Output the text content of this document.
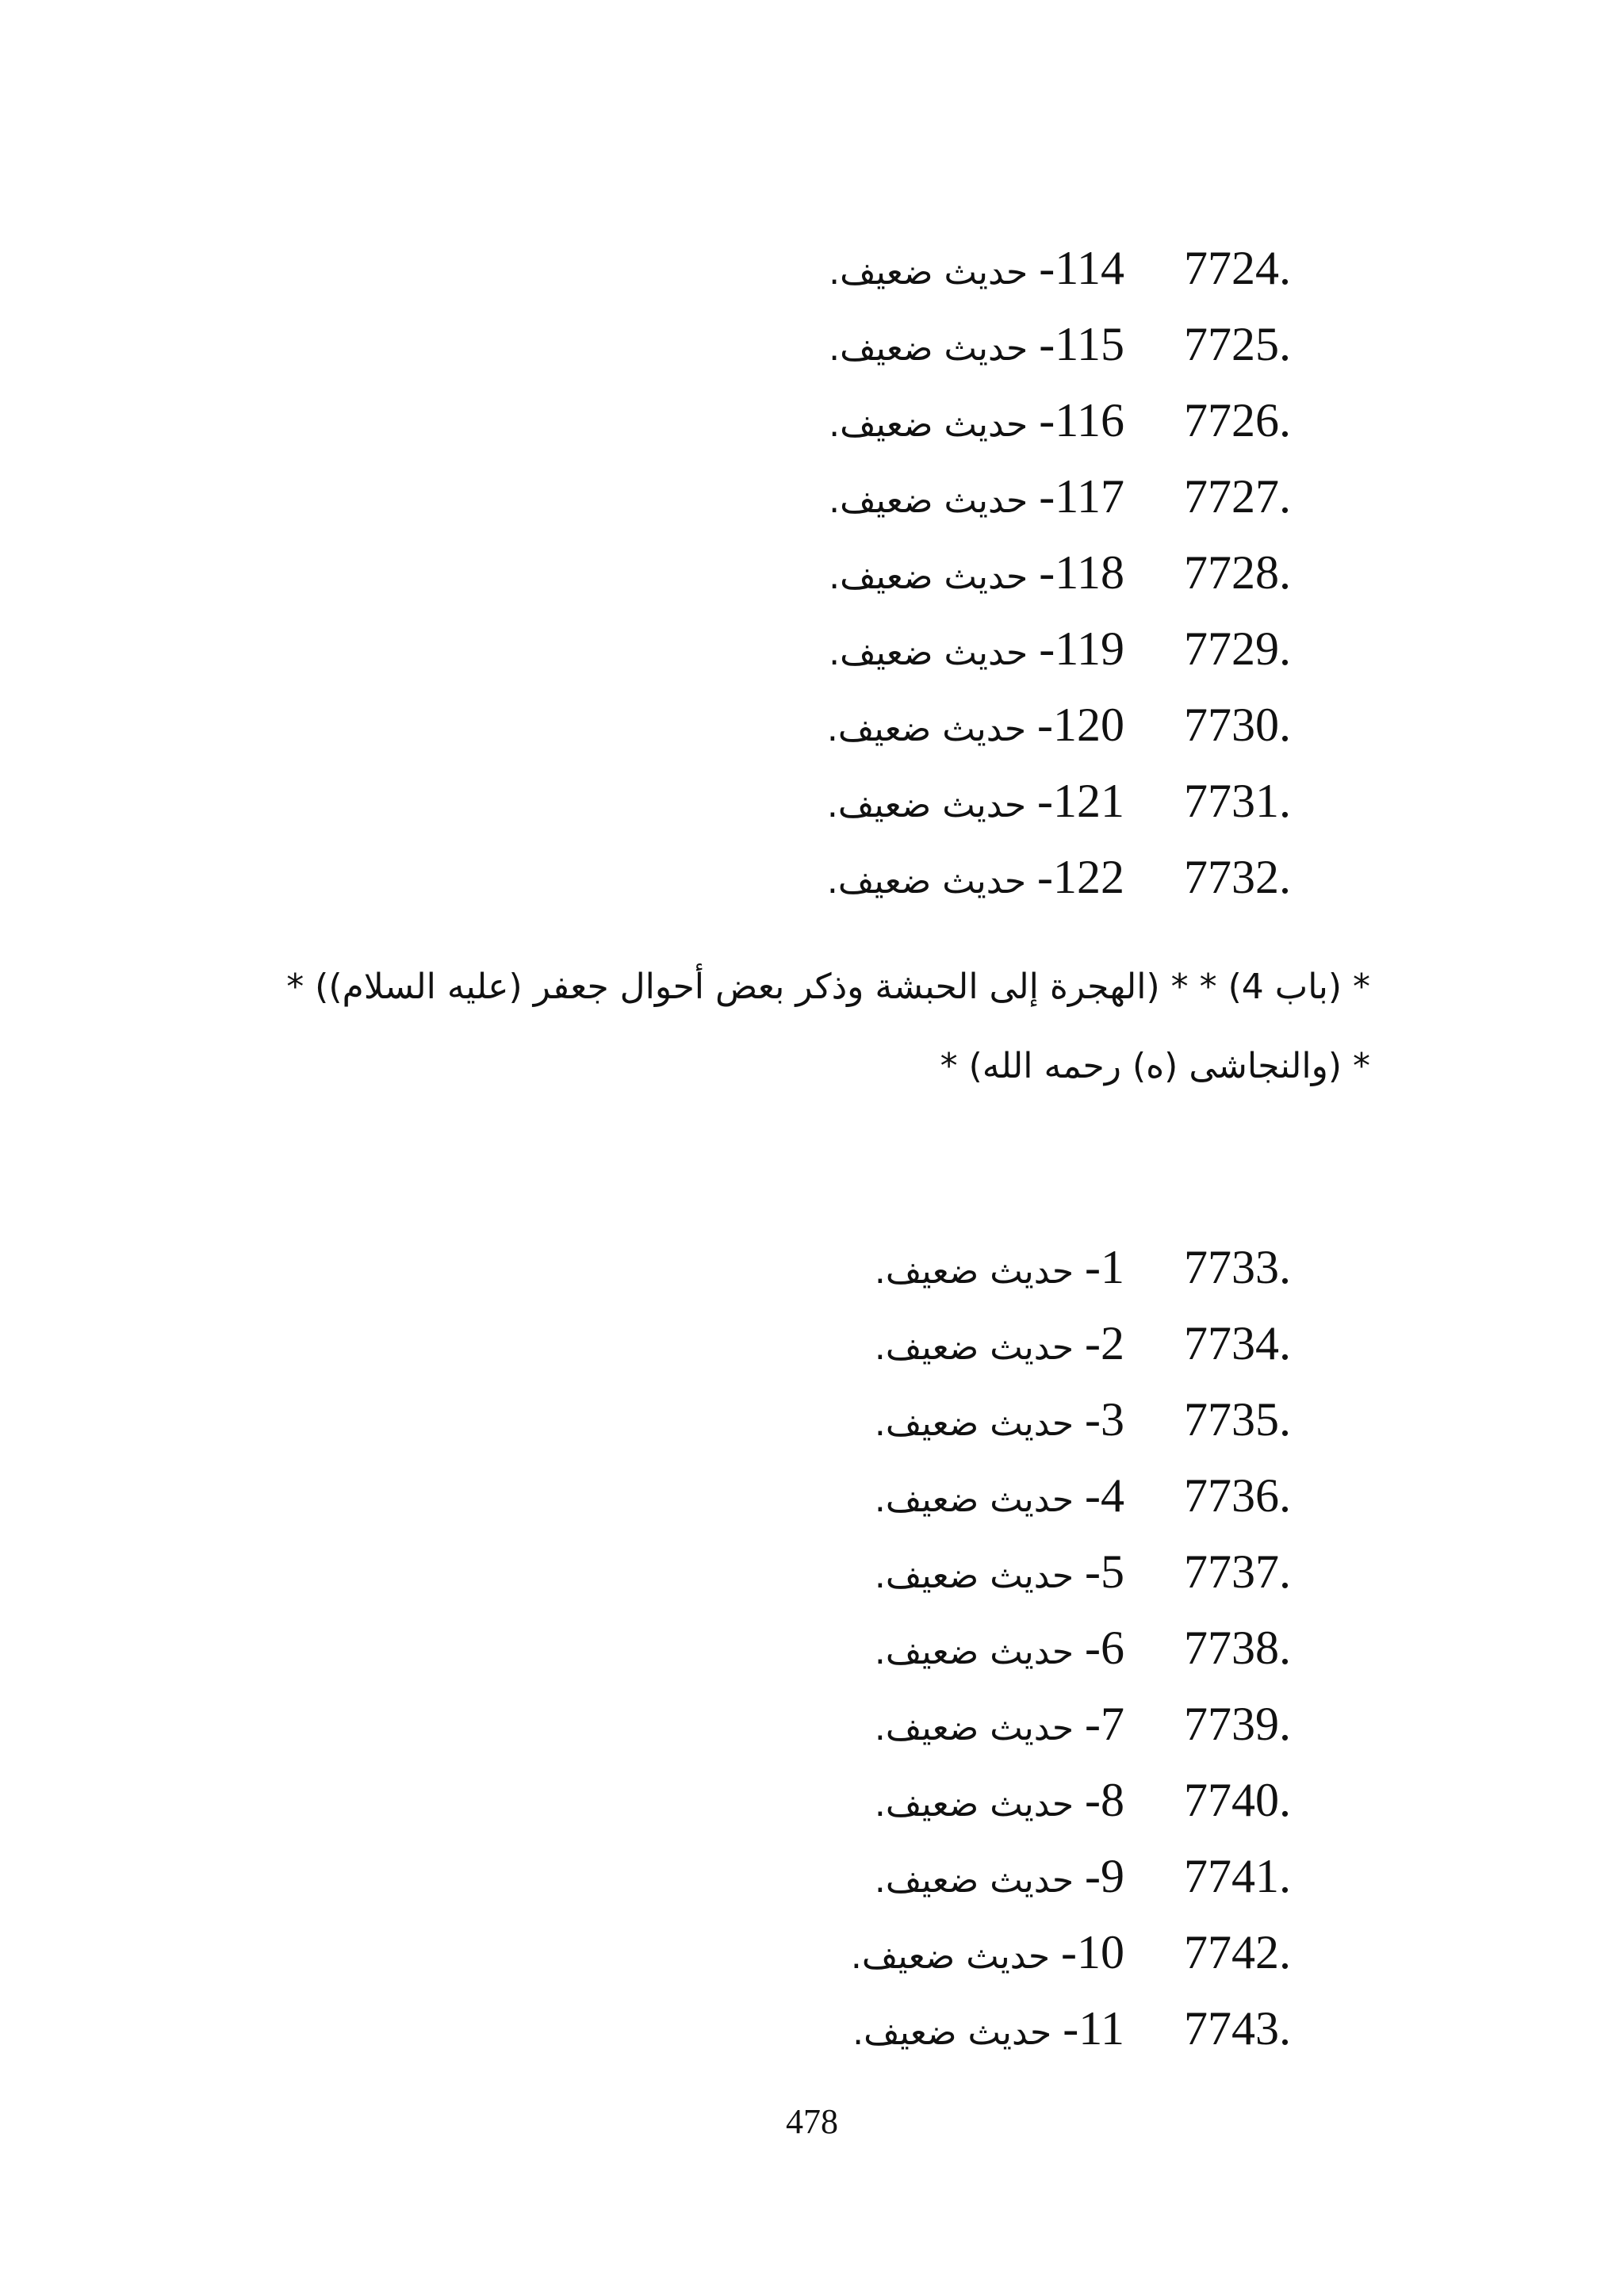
7724.
114- حديث ضعيف.
7725.
115- حديث ضعيف.
7726.
116- حديث ضعيف.
7727.
117- حديث ضعيف.
7728.
118- حديث ضعيف.
7729.
119- حديث ضعيف.
7730.
120- حديث ضعيف.
7731.
121- حديث ضعيف.
7732.
122- حديث ضعيف.
* (باب 4) * * (الهجرة إلى الحبشة وذكر بعض أحوال جعفر (عليه السلام)) *
* (والنجاشى (ه) رحمه الله) *
7733.
1- حديث ضعيف.
7734.
2- حديث ضعيف.
7735.
3- حديث ضعيف.
7736.
4- حديث ضعيف.
7737.
5- حديث ضعيف.
7738.
6- حديث ضعيف.
7739.
7- حديث ضعيف.
7740.
8- حديث ضعيف.
7741.
9- حديث ضعيف.
7742.
10- حديث ضعيف.
7743.
11- حديث ضعيف.
478
